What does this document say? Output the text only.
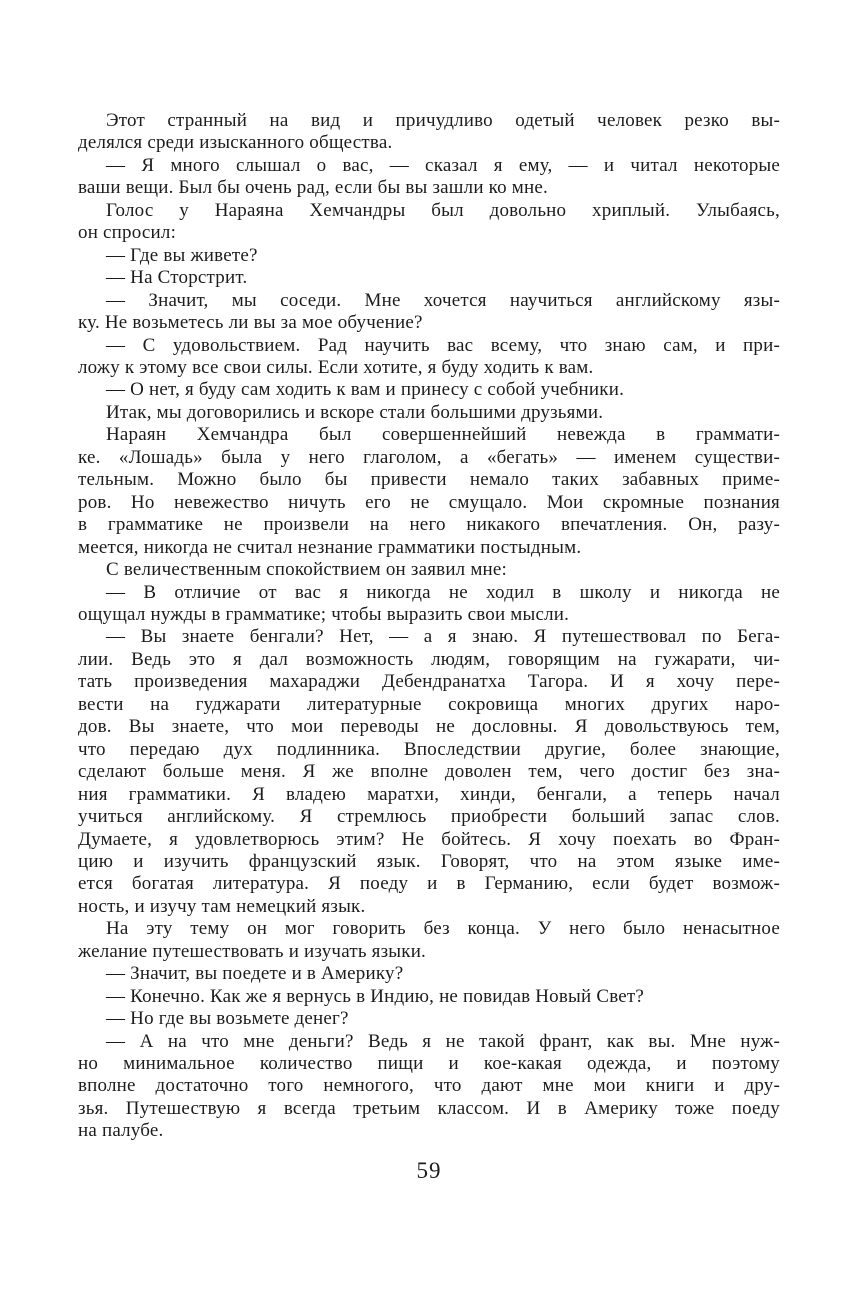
Этот странный на вид и причудливо одетый человек резко вы-
делялся среди изысканного общества.
— Я много слышал о вас, — сказал я ему, — и читал некоторые
ваши вещи. Был бы очень рад, если бы вы зашли ко мне.
Голос у Нараяна Хемчандры был довольно хриплый. Улыбаясь,
он спросил:
— Где вы живете?
— На Сторстрит.
— Значит, мы соседи. Мне хочется научиться английскому язы-
ку. Не возьметесь ли вы за мое обучение?
— С удовольствием. Рад научить вас всему, что знаю сам, и при-
ложу к этому все свои силы. Если хотите, я буду ходить к вам.
— О нет, я буду сам ходить к вам и принесу с собой учебники.
Итак, мы договорились и вскоре стали большими друзьями.
Нараян Хемчандра был совершеннейший невежда в граммати-
ке. «Лошадь» была у него глаголом, а «бегать» — именем существи-
тельным. Можно было бы привести немало таких забавных приме-
ров. Но невежество ничуть его не смущало. Мои скромные познания
в грамматике не произвели на него никакого впечатления. Он, разу-
меется, никогда не считал незнание грамматики постыдным.
С величественным спокойствием он заявил мне:
— В отличие от вас я никогда не ходил в школу и никогда не
ощущал нужды в грамматике; чтобы выразить свои мысли.
— Вы знаете бенгали? Нет, — а я знаю. Я путешествовал по Бега-
лии. Ведь это я дал возможность людям, говорящим на гужарати, чи-
тать произведения махараджи Дебендранатха Тагора. И я хочу пере-
вести на гуджарати литературные сокровища многих других наро-
дов. Вы знаете, что мои переводы не дословны. Я довольствуюсь тем,
что передаю дух подлинника. Впоследствии другие, более знающие,
сделают больше меня. Я же вполне доволен тем, чего достиг без зна-
ния грамматики. Я владею маратхи, хинди, бенгали, а теперь начал
учиться английскому. Я стремлюсь приобрести больший запас слов.
Думаете, я удовлетворюсь этим? Не бойтесь. Я хочу поехать во Фран-
цию и изучить французский язык. Говорят, что на этом языке име-
ется богатая литература. Я поеду и в Германию, если будет возмож-
ность, и изучу там немецкий язык.
На эту тему он мог говорить без конца. У него было ненасытное
желание путешествовать и изучать языки.
— Значит, вы поедете и в Америку?
— Конечно. Как же я вернусь в Индию, не повидав Новый Свет?
— Но где вы возьмете денег?
— А на что мне деньги? Ведь я не такой франт, как вы. Мне нуж-
но минимальное количество пищи и кое-какая одежда, и поэтому
вполне достаточно того немногого, что дают мне мои книги и дру-
зья. Путешествую я всегда третьим классом. И в Америку тоже поеду
на палубе.
59
